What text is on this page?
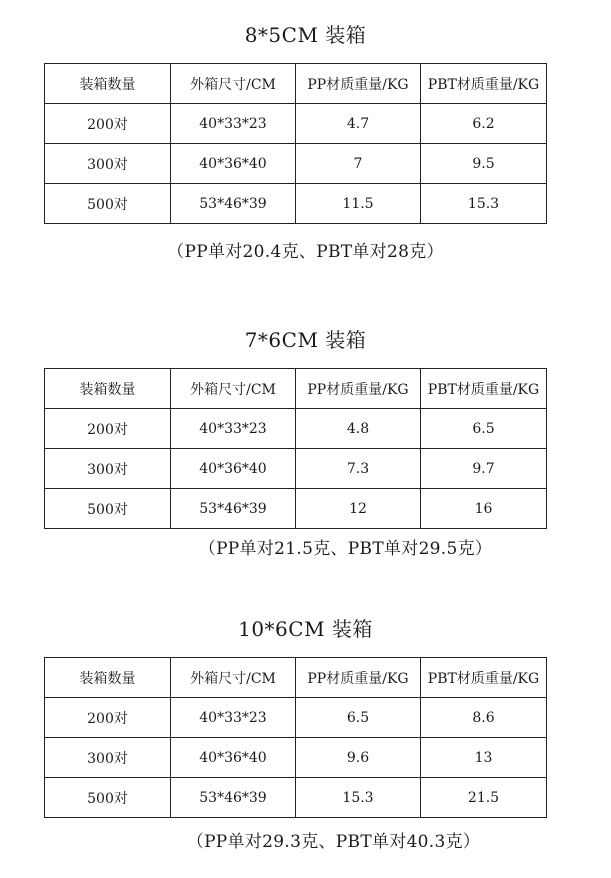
8*5CM 装箱
装箱数量	外箱尺寸/CM	PP材质重量/KG	PBT材质重量/KG
200对	40*33*23	4.7	6.2
300对	40*36*40	7	9.5
500对	53*46*39	11.5	15.3
（PP单对20.4克、PBT单对28克）
7*6CM 装箱
装箱数量	外箱尺寸/CM	PP材质重量/KG	PBT材质重量/KG
200对	40*33*23	4.8	6.5
300对	40*36*40	7.3	9.7
500对	53*46*39	12	16
（PP单对21.5克、PBT单对29.5克）
10*6CM 装箱
装箱数量	外箱尺寸/CM	PP材质重量/KG	PBT材质重量/KG
200对	40*33*23	6.5	8.6
300对	40*36*40	9.6	13
500对	53*46*39	15.3	21.5
（PP单对29.3克、PBT单对40.3克）
